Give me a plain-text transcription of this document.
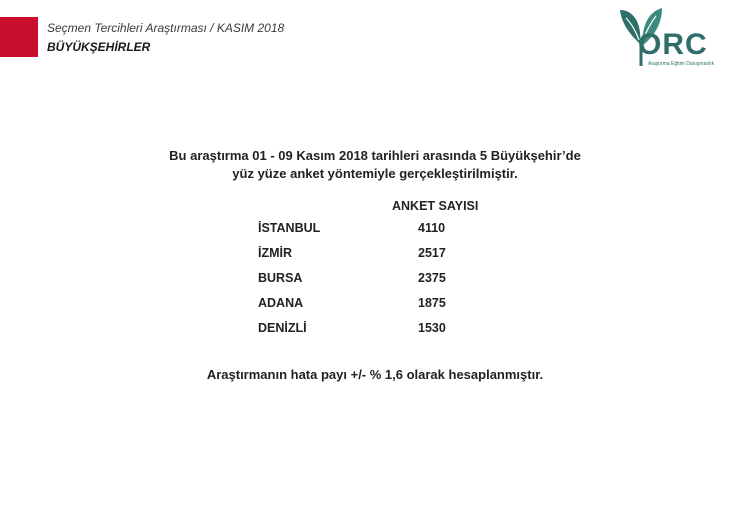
Seçmen Tercihleri Araştırması / KASIM 2018
BÜYÜKŞEHİRLER	ORC
Araştırma Eğitim Danışmanlık
Bu araştırma 01 - 09 Kasım 2018 tarihleri arasında 5 Büyükşehir’de
yüz yüze anket yöntemiyle gerçekleştirilmiştir.
ANKET SAYISI
İSTANBUL	4110
İZMİR	2517
BURSA	2375
ADANA	1875
DENİZLİ	1530
Araştırmanın hata payı +/- % 1,6 olarak hesaplanmıştır.
